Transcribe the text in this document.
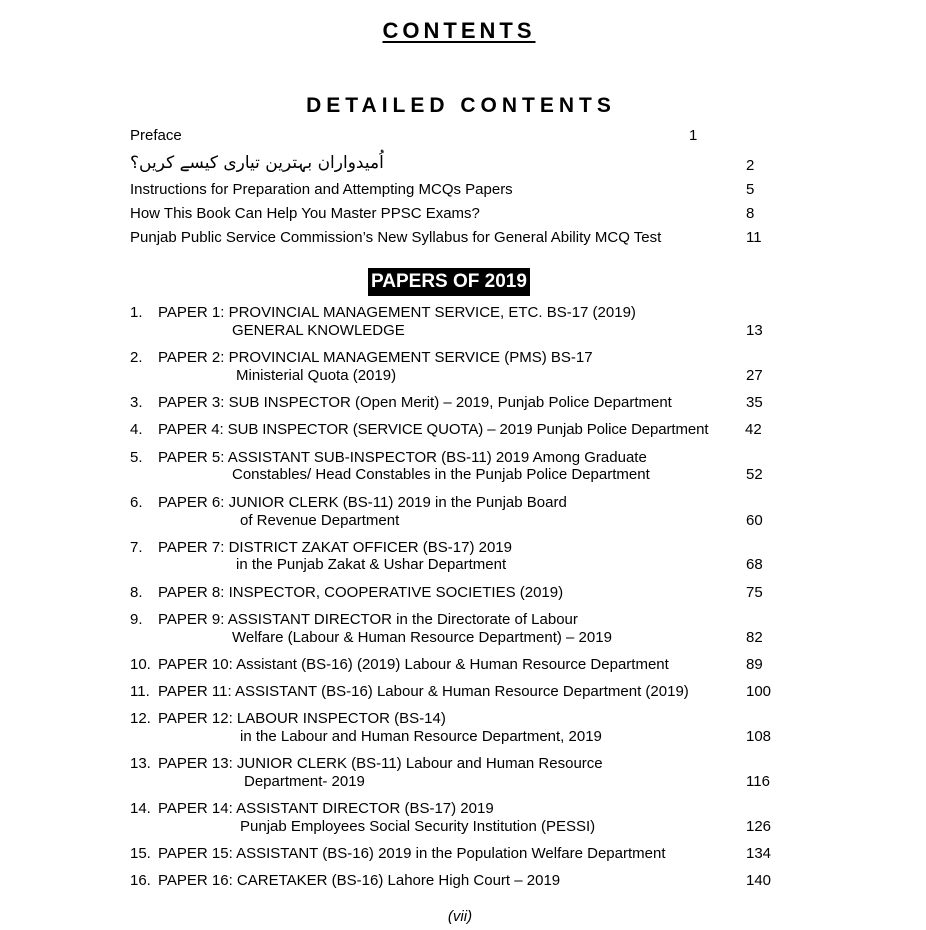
CONTENTS
DETAILED CONTENTS
Preface	1
اُمیدواران بہترین تیاری کیسے کریں؟	2
Instructions for Preparation and Attempting MCQs Papers	5
How This Book Can Help You Master PPSC Exams?	8
Punjab Public Service Commission’s New Syllabus for General Ability MCQ Test	11
PAPERS OF 2019
1. PAPER 1: PROVINCIAL MANAGEMENT SERVICE, ETC. BS-17 (2019)
GENERAL KNOWLEDGE	13
2. PAPER 2: PROVINCIAL MANAGEMENT SERVICE (PMS) BS-17
Ministerial Quota (2019)	27
3. PAPER 3: SUB INSPECTOR (Open Merit) – 2019, Punjab Police Department	35
4. PAPER 4: SUB INSPECTOR (SERVICE QUOTA) – 2019 Punjab Police Department 42
5. PAPER 5: ASSISTANT SUB-INSPECTOR (BS-11) 2019 Among Graduate
Constables/ Head Constables in the Punjab Police Department	52
6. PAPER 6: JUNIOR CLERK (BS-11) 2019 in the Punjab Board
of Revenue Department	60
7. PAPER 7: DISTRICT ZAKAT OFFICER (BS-17) 2019
in the Punjab Zakat & Ushar Department	68
8. PAPER 8: INSPECTOR, COOPERATIVE SOCIETIES (2019)	75
9. PAPER 9: ASSISTANT DIRECTOR in the Directorate of Labour
Welfare (Labour & Human Resource Department) – 2019	82
10. PAPER 10: Assistant (BS-16) (2019) Labour & Human Resource Department	89
11. PAPER 11: ASSISTANT (BS-16) Labour & Human Resource Department (2019)	100
12. PAPER 12: LABOUR INSPECTOR (BS-14)
in the Labour and Human Resource Department, 2019	108
13. PAPER 13: JUNIOR CLERK (BS-11) Labour and Human Resource
Department- 2019	116
14. PAPER 14: ASSISTANT DIRECTOR (BS-17) 2019
Punjab Employees Social Security Institution (PESSI)	126
15. PAPER 15: ASSISTANT (BS-16) 2019 in the Population Welfare Department	134
16. PAPER 16: CARETAKER (BS-16) Lahore High Court – 2019	140
(vii)
